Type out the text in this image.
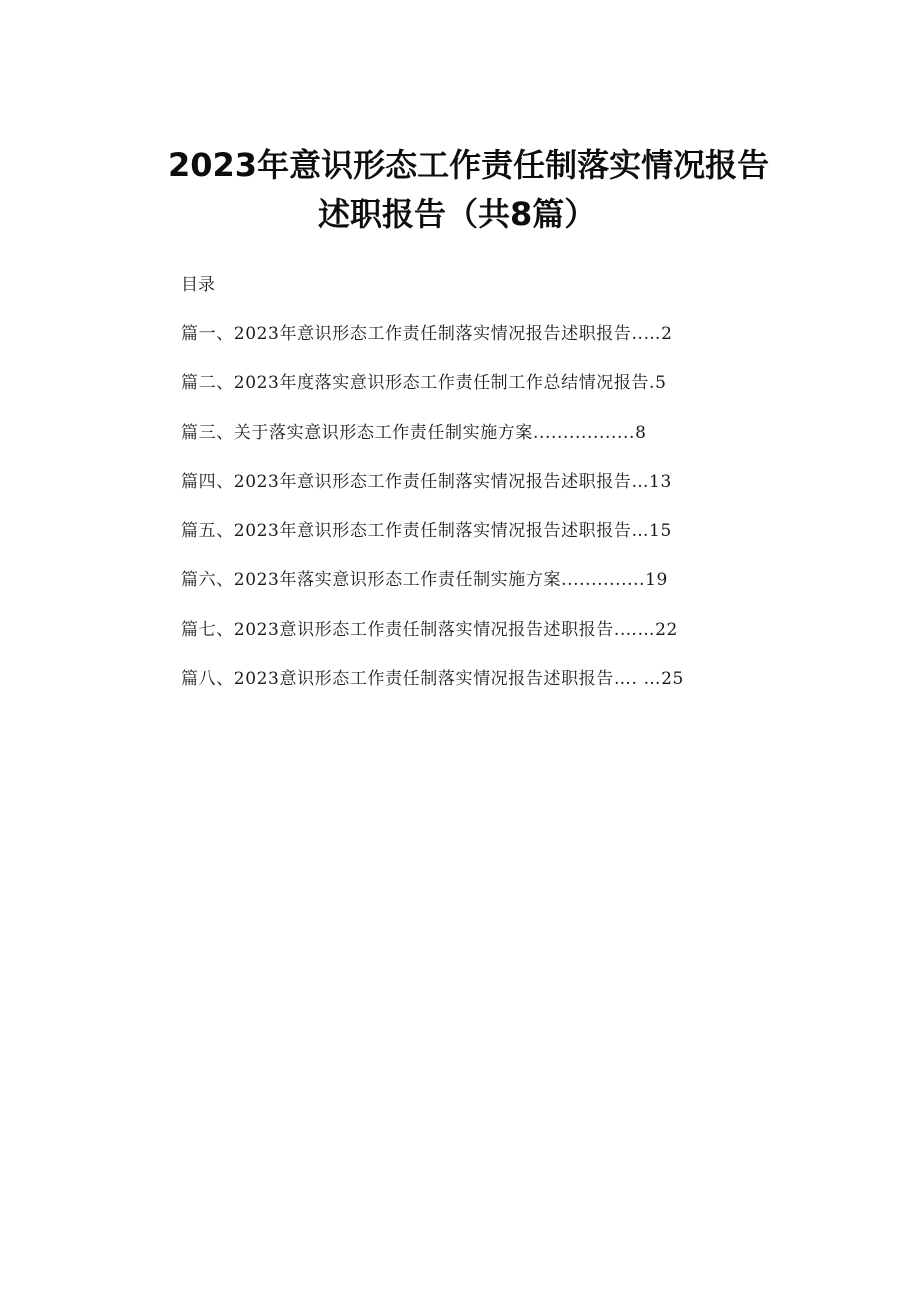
2023年意识形态工作责任制落实情况报告
述职报告（共8篇）
目录
篇一、2023年意识形态工作责任制落实情况报告述职报告..…2
篇二、2023年度落实意识形态工作责任制工作总结情况报告.5
篇三、关于落实意识形态工作责任制实施方案.................8
篇四、2023年意识形态工作责任制落实情况报告述职报告…13
篇五、2023年意识形态工作责任制落实情况报告述职报告…15
篇六、2023年落实意识形态工作责任制实施方案..............19
篇七、2023意识形态工作责任制落实情况报告述职报告.……22
篇八、2023意识形态工作责任制落实情况报告述职报告…. …25
